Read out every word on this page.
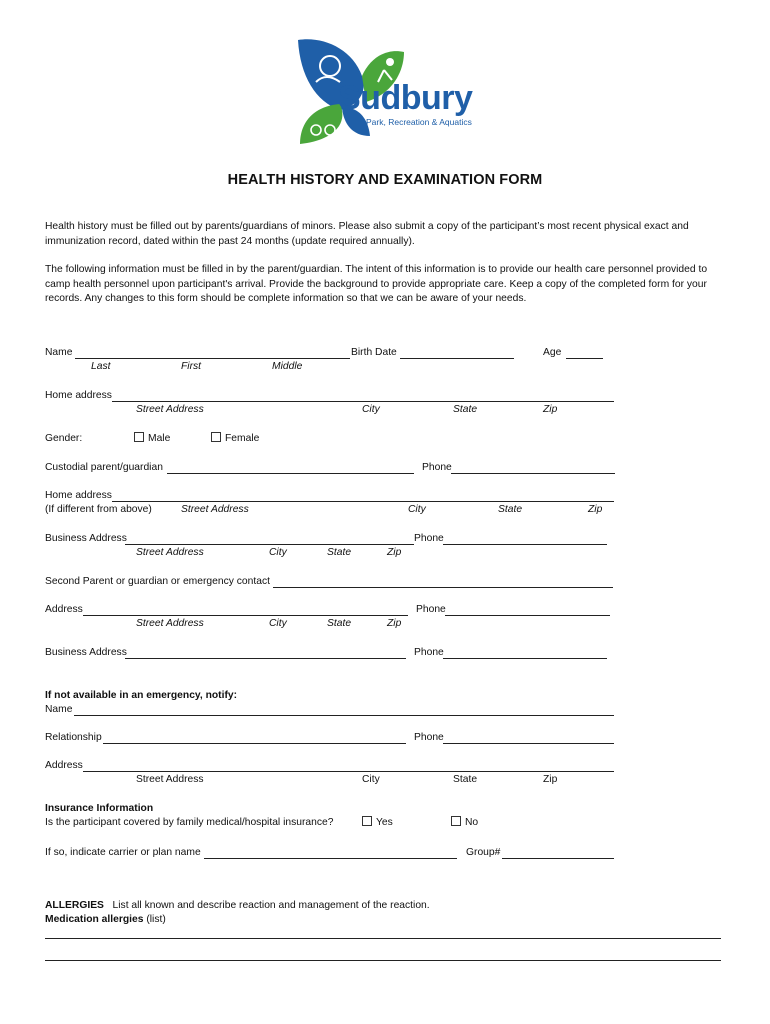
Sudbury
Park, Recreation & Aquatics
HEALTH HISTORY AND EXAMINATION FORM
Health history must be filled out by parents/guardians of minors. Please also submit a copy of the participant’s most recent physical exact and immunization record, dated within the past 24 months (update required annually).
The following information must be filled in by the parent/guardian. The intent of this information is to provide our health care personnel provided to camp health personnel upon participant's arrival. Provide the background to provide appropriate care. Keep a copy of the completed form for your records. Any changes to this form should be complete information so that we can be aware of your needs.
Name	Birth Date	Age
Last	First	Middle
Home address
Street Address	City	State	Zip
Gender:	Male	Female
Custodial parent/guardian	Phone
Home address
(If different from above)	Street Address	City	State	Zip
Business Address	Phone
Street Address	City	State	Zip
Second Parent or guardian or emergency contact
Address	Phone
Street Address	City	State	Zip
Business Address	Phone
If not available in an emergency, notify:
Name
Relationship	Phone
Address
Street Address	City	State	Zip
Insurance Information
Is the participant covered by family medical/hospital insurance?	Yes	No
If so, indicate carrier or plan name	Group#
ALLERGIES List all known and describe reaction and management of the reaction.
Medication allergies (list)
